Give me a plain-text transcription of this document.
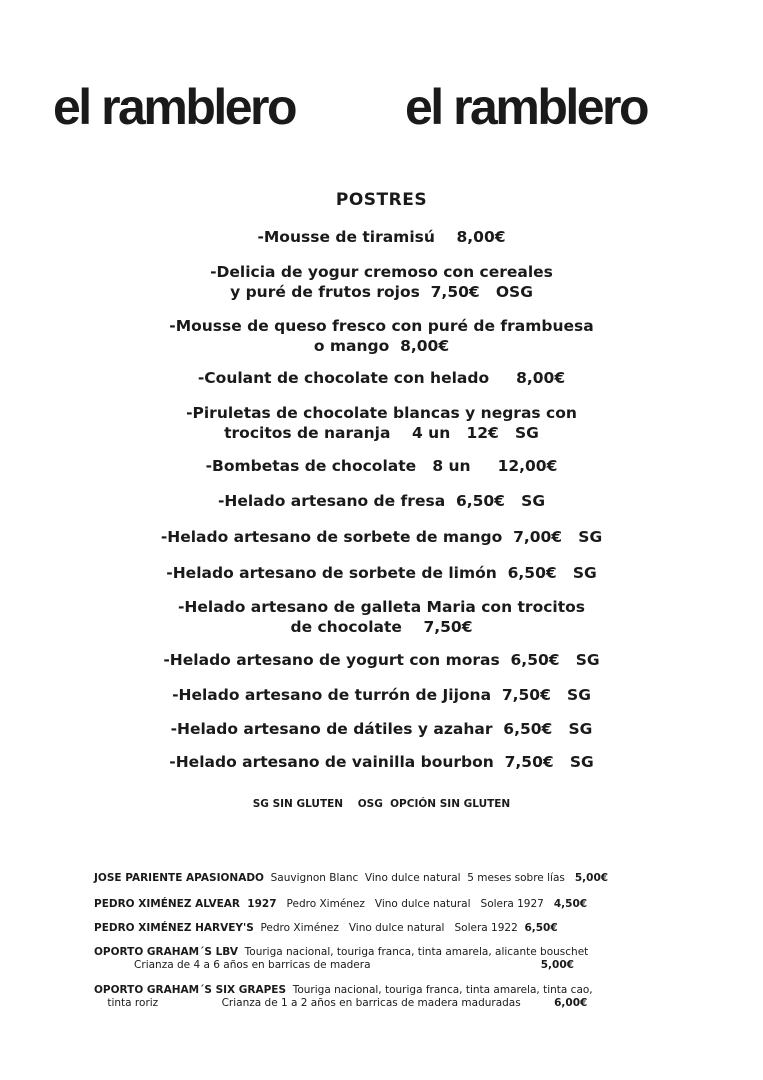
el ramblero el ramblero
POSTRES
-Mousse de tiramisú    8,00€
-Delicia de yogur cremoso con cereales
y puré de frutos rojos  7,50€   OSG
-Mousse de queso fresco con puré de frambuesa
o mango  8,00€
-Coulant de chocolate con helado     8,00€
-Piruletas de chocolate blancas y negras con
trocitos de naranja    4 un   12€   SG
-Bombetas de chocolate   8 un     12,00€
-Helado artesano de fresa  6,50€   SG
-Helado artesano de sorbete de mango  7,00€   SG
-Helado artesano de sorbete de limón  6,50€   SG
-Helado artesano de galleta Maria con trocitos
de chocolate    7,50€
-Helado artesano de yogurt con moras  6,50€   SG
-Helado artesano de turrón de Jijona  7,50€   SG
-Helado artesano de dátiles y azahar  6,50€   SG
-Helado artesano de vainilla bourbon  7,50€   SG
SG SIN GLUTEN    OSG  OPCIÓN SIN GLUTEN
JOSE PARIENTE APASIONADO  Sauvignon Blanc  Vino dulce natural  5 meses sobre lías   5,00€
PEDRO XIMÉNEZ ALVEAR  1927   Pedro Ximénez   Vino dulce natural   Solera 1927   4,50€
PEDRO XIMÉNEZ HARVEY'S  Pedro Ximénez   Vino dulce natural   Solera 1922  6,50€
OPORTO GRAHAM´S LBV  Touriga nacional, touriga franca, tinta amarela, alicante bouschet
Crianza de 4 a 6 años en barricas de madera                                                   5,00€
OPORTO GRAHAM´S SIX GRAPES  Touriga nacional, touriga franca, tinta amarela, tinta cao,
tinta roriz                   Crianza de 1 a 2 años en barricas de madera maduradas          6,00€
